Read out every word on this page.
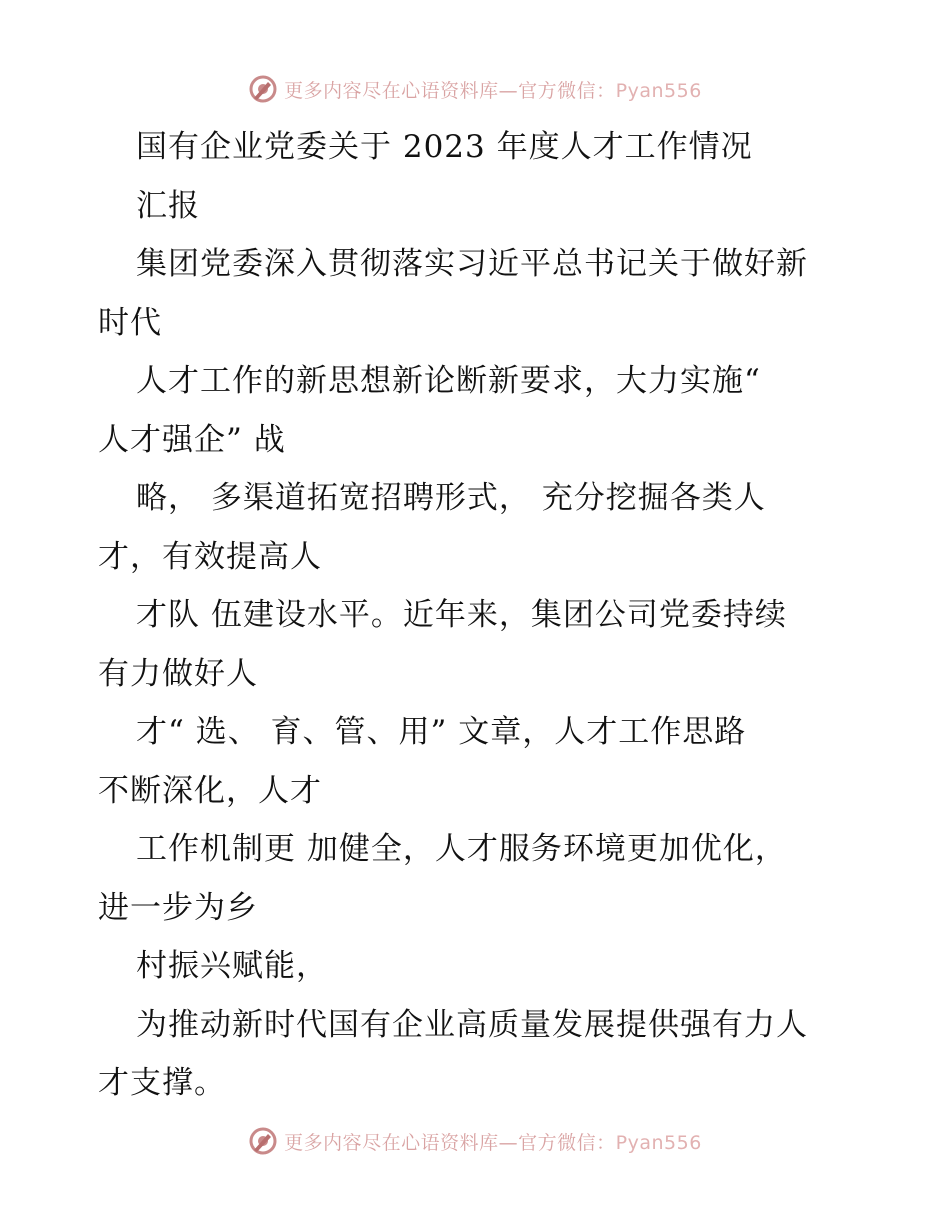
更多内容尽在心语资料库—官方微信：Pyan556
国有企业党委关于 2023 年度人才工作情况
汇报
集团党委深入贯彻落实习近平总书记关于做好新
时代
人才工作的新思想新论断新要求，大力实施“
人才强企” 战
略， 多渠道拓宽招聘形式， 充分挖掘各类人
才，有效提高人
才队 伍建设水平。近年来，集团公司党委持续
有力做好人
才“ 选、 育、管、用” 文章，人才工作思路
不断深化，人才
工作机制更 加健全，人才服务环境更加优化，
进一步为乡
村振兴赋能，
为推动新时代国有企业高质量发展提供强有力人
才支撑。
更多内容尽在心语资料库—官方微信：Pyan556
